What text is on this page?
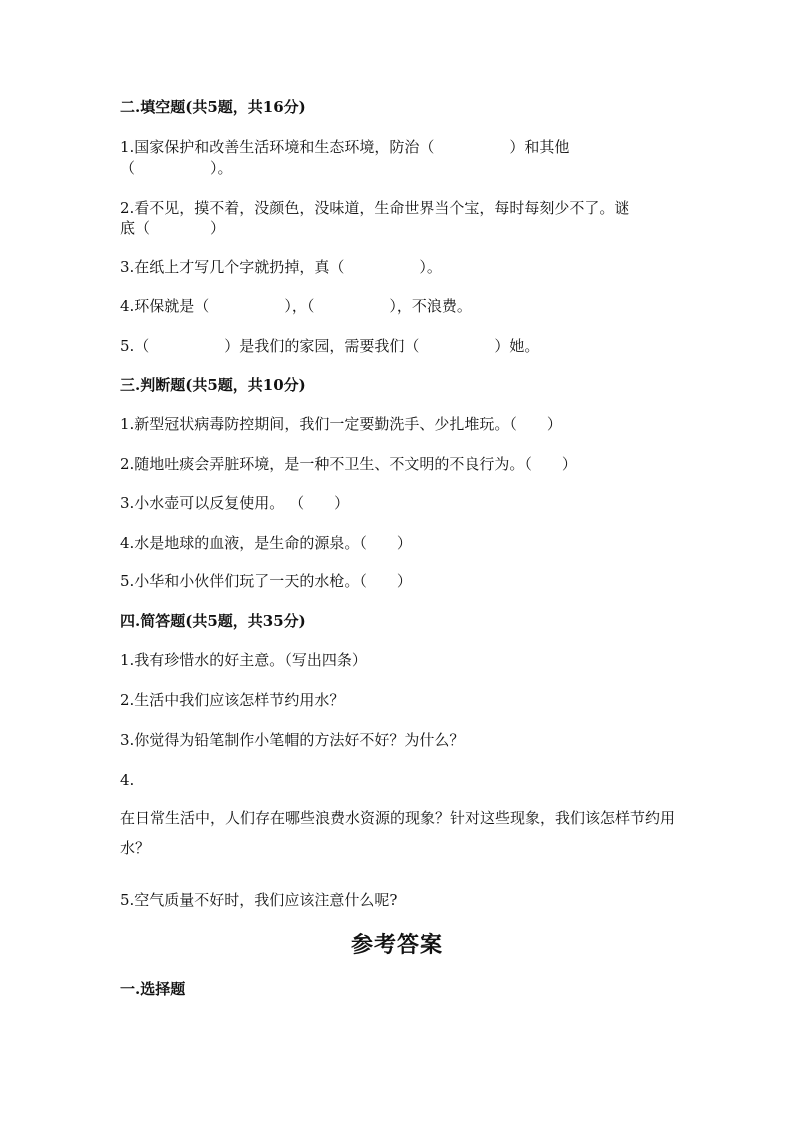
二.填空题(共5题，共16分)
1.国家保护和改善生活环境和生态环境，防治（　　　　　）和其他
（　　　　　）。
2.看不见，摸不着，没颜色，没味道，生命世界当个宝，每时每刻少不了。谜
底（　　　　）
3.在纸上才写几个字就扔掉，真（　　　　　）。
4.环保就是（　　　　　），（　　　　　），不浪费。
5.（　　　　　）是我们的家园，需要我们（　　　　　）她。
三.判断题(共5题，共10分)
1.新型冠状病毒防控期间，我们一定要勤洗手、少扎堆玩。（　　）
2.随地吐痰会弄脏环境，是一种不卫生、不文明的不良行为。（　　）
3.小水壶可以反复使用。 （　　）
4.水是地球的血液，是生命的源泉。（　　）
5.小华和小伙伴们玩了一天的水枪。（　　）
四.简答题(共5题，共35分)
1.我有珍惜水的好主意。（写出四条）
2.生活中我们应该怎样节约用水？
3.你觉得为铅笔制作小笔帽的方法好不好？为什么？
4.
在日常生活中，人们存在哪些浪费水资源的现象？针对这些现象，我们该怎样节约用水？
5.空气质量不好时，我们应该注意什么呢?
参考答案
一.选择题
